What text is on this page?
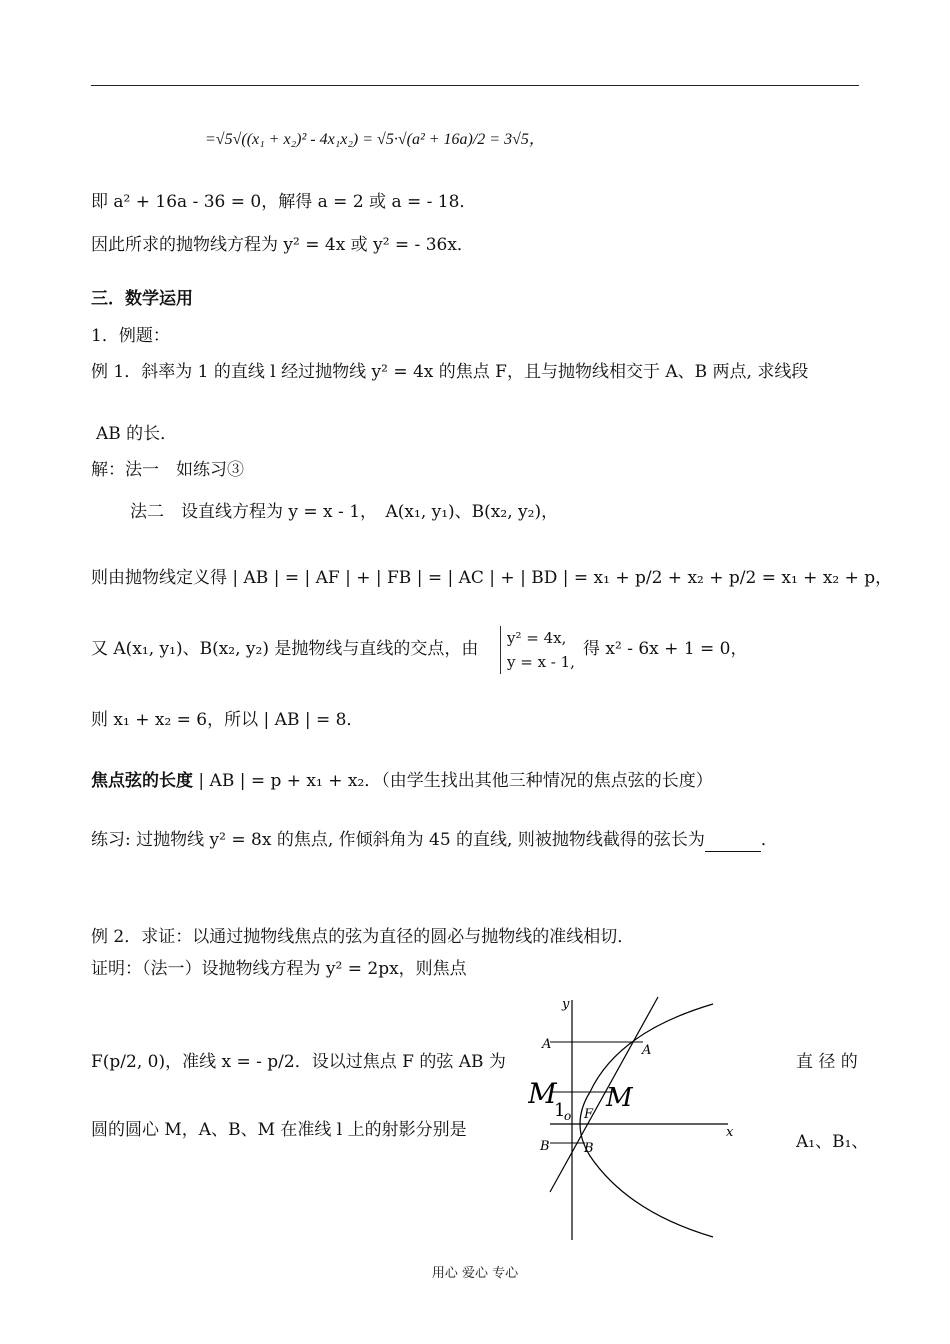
=√5√((x₁ + x₂)² - 4x₁x₂) = √5·√(a² + 16a)/2 = 3√5，
即 a² + 16a - 36 = 0，解得 a = 2 或 a = - 18．
因此所求的抛物线方程为 y² = 4x 或 y² = - 36x．
三．数学运用
1．例题：
例 1．斜率为 1 的直线 l 经过抛物线 y² = 4x 的焦点 F，且与抛物线相交于 A、B 两点, 求线段
AB 的长．
解：法一　如练习③
法二　设直线方程为 y = x - 1，　A(x₁, y₁)、B(x₂, y₂)，
则由抛物线定义得 | AB | = | AF | + | FB | = | AC | + | BD | = x₁ + p/2 + x₂ + p/2 = x₁ + x₂ + p，
又 A(x₁, y₁)、B(x₂, y₂) 是抛物线与直线的交点，由
y² = 4x,
y = x - 1,
得 x² - 6x + 1 = 0，
则 x₁ + x₂ = 6，所以 | AB | = 8．
焦点弦的长度 | AB | = p + x₁ + x₂．（由学生找出其他三种情况的焦点弦的长度）
练习: 过抛物线 y² = 8x 的焦点, 作倾斜角为 45 的直线, 则被抛物线截得的弦长为	．
例 2．求证：以通过抛物线焦点的弦为直径的圆必与抛物线的准线相切．
证明：（法一）设抛物线方程为 y² = 2px，则焦点
F(p/2, 0)，准线 x = - p/2．设以过焦点 F 的弦 AB 为	直 径 的
圆的圆心 M，A、B、M 在准线 l 上的射影分别是
A₁、B₁、
y
x
A	A
M
1
o F
M
B	B
用心 爱心 专心
